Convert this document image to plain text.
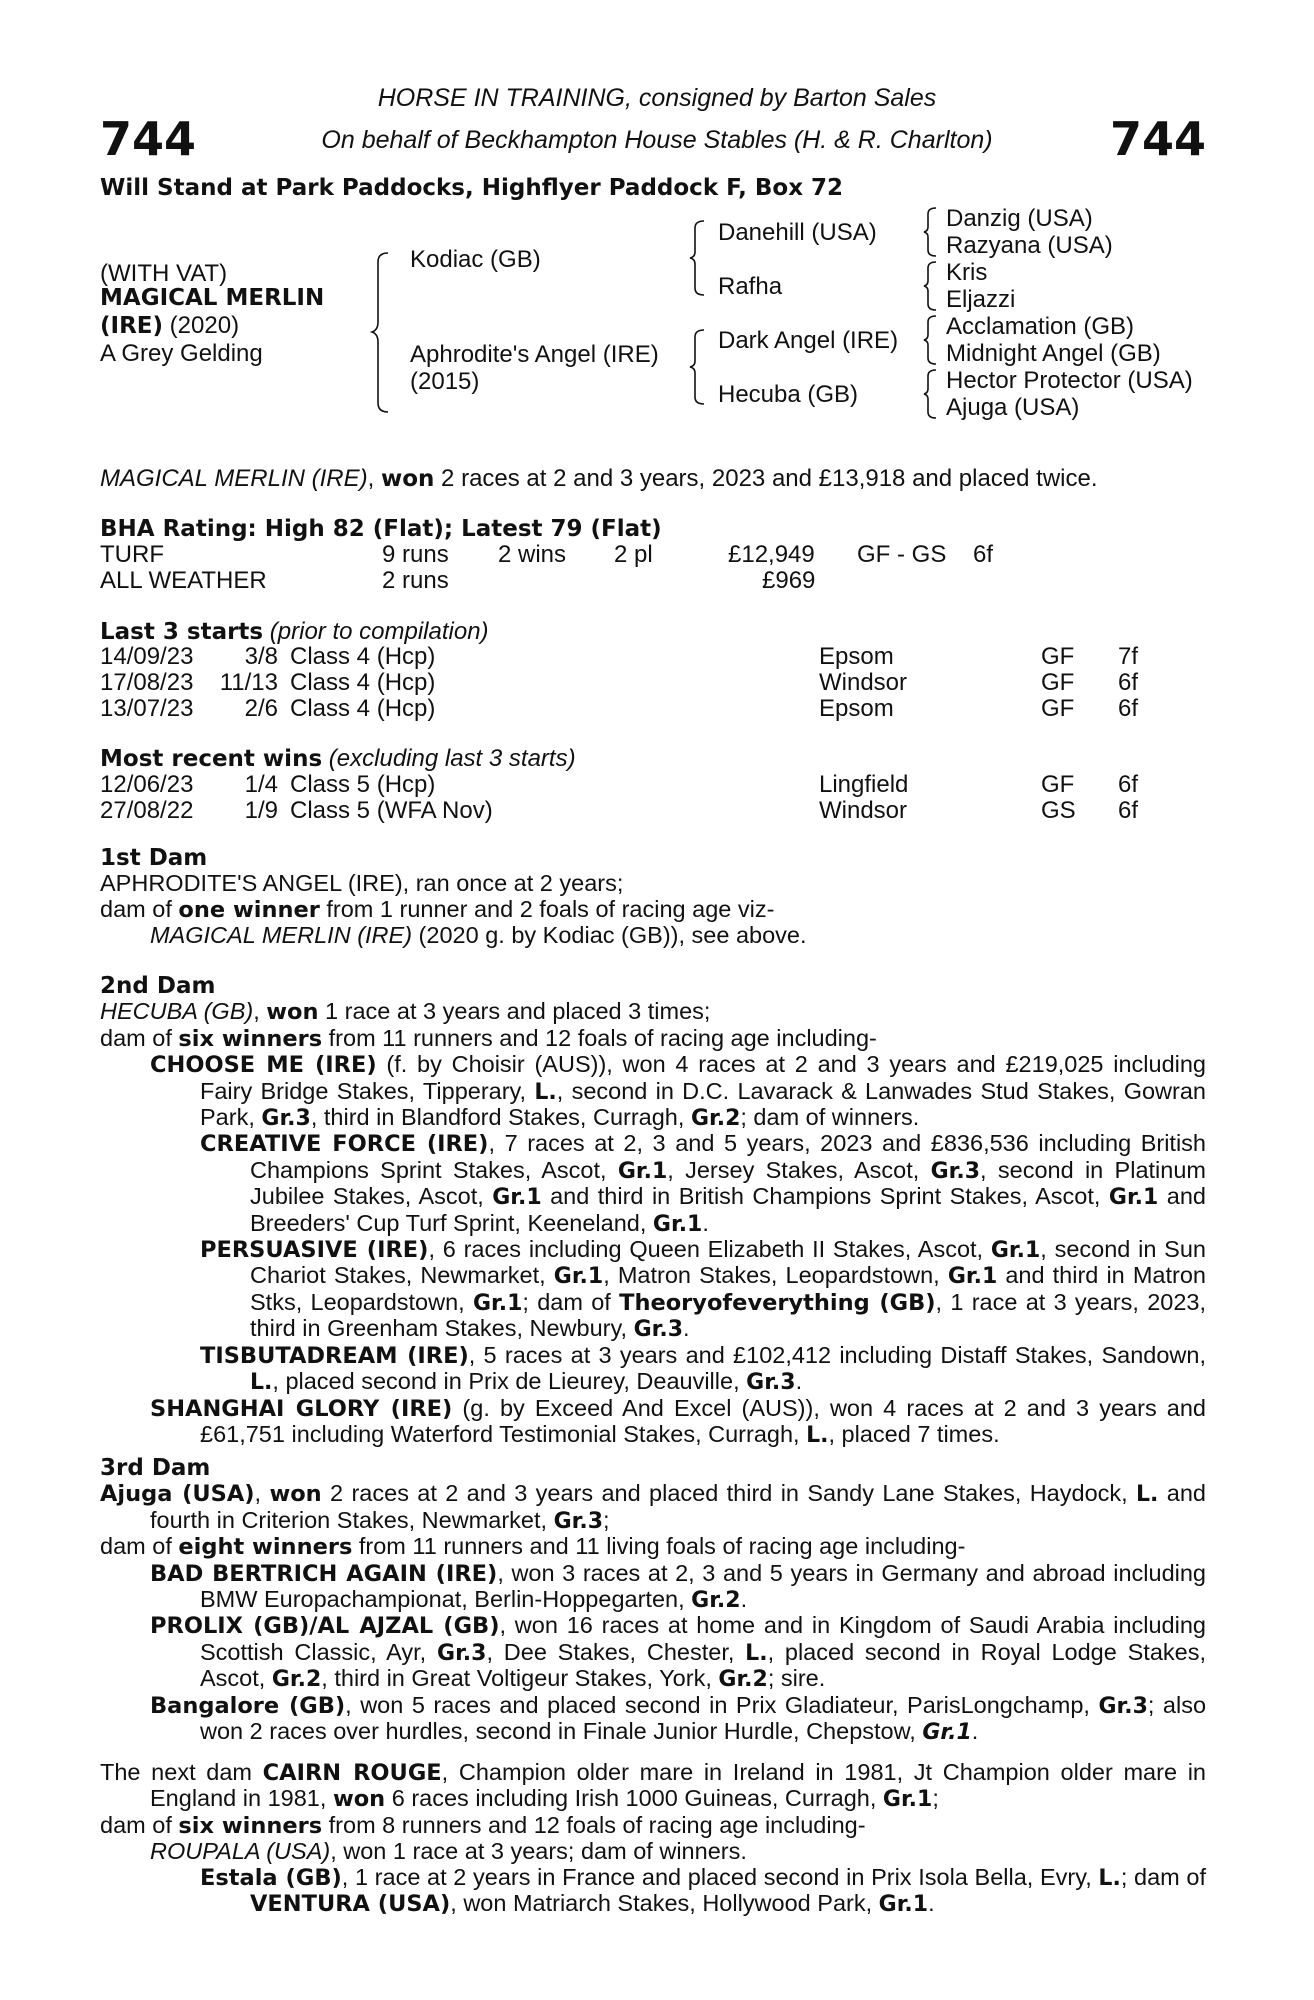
744	744
HORSE IN TRAINING, consigned by Barton Sales
On behalf of Beckhampton House Stables (H. & R. Charlton)
Will Stand at Park Paddocks, Highflyer Paddock F, Box 72
(WITH VAT)
MAGICAL MERLIN
(IRE) (2020)
A Grey Gelding
Kodiac (GB)
Aphrodite's Angel (IRE)
(2015)
Danehill (USA)
Rafha
Dark Angel (IRE)
Hecuba (GB)
Danzig (USA)
Razyana (USA)
Kris
Eljazzi
Acclamation (GB)
Midnight Angel (GB)
Hector Protector (USA)
Ajuga (USA)
MAGICAL MERLIN (IRE), won 2 races at 2 and 3 years, 2023 and £13,918 and placed twice.
BHA Rating: High 82 (Flat); Latest 79 (Flat)
TURF	9 runs 2 wins 2 pl	£12,949 GF - GS 6f
ALL WEATHER	2 runs	£969
Last 3 starts (prior to compilation)
14/09/23	3/8 Class 4 (Hcp)	Epsom	GF 7f
17/08/23	11/13 Class 4 (Hcp)	Windsor	GF 6f
13/07/23	2/6 Class 4 (Hcp)	Epsom	GF 6f
Most recent wins (excluding last 3 starts)
12/06/23	1/4 Class 5 (Hcp)	Lingfield	GF 6f
27/08/22	1/9 Class 5 (WFA Nov)	Windsor	GS 6f
1st Dam
APHRODITE'S ANGEL (IRE), ran once at 2 years;
dam of one winner from 1 runner and 2 foals of racing age viz-
MAGICAL MERLIN (IRE) (2020 g. by Kodiac (GB)), see above.
2nd Dam
HECUBA (GB), won 1 race at 3 years and placed 3 times;
dam of six winners from 11 runners and 12 foals of racing age including-
CHOOSE ME (IRE) (f. by Choisir (AUS)), won 4 races at 2 and 3 years and £219,025 including Fairy Bridge Stakes, Tipperary, L., second in D.C. Lavarack & Lanwades Stud Stakes, Gowran Park, Gr.3, third in Blandford Stakes, Curragh, Gr.2; dam of winners.
CREATIVE FORCE (IRE), 7 races at 2, 3 and 5 years, 2023 and £836,536 including British Champions Sprint Stakes, Ascot, Gr.1, Jersey Stakes, Ascot, Gr.3, second in Platinum Jubilee Stakes, Ascot, Gr.1 and third in British Champions Sprint Stakes, Ascot, Gr.1 and Breeders' Cup Turf Sprint, Keeneland, Gr.1.
PERSUASIVE (IRE), 6 races including Queen Elizabeth II Stakes, Ascot, Gr.1, second in Sun Chariot Stakes, Newmarket, Gr.1, Matron Stakes, Leopardstown, Gr.1 and third in Matron Stks, Leopardstown, Gr.1; dam of Theoryofeverything (GB), 1 race at 3 years, 2023, third in Greenham Stakes, Newbury, Gr.3.
TISBUTADREAM (IRE), 5 races at 3 years and £102,412 including Distaff Stakes, Sandown, L., placed second in Prix de Lieurey, Deauville, Gr.3.
SHANGHAI GLORY (IRE) (g. by Exceed And Excel (AUS)), won 4 races at 2 and 3 years and £61,751 including Waterford Testimonial Stakes, Curragh, L., placed 7 times.
3rd Dam
Ajuga (USA), won 2 races at 2 and 3 years and placed third in Sandy Lane Stakes, Haydock, L. and fourth in Criterion Stakes, Newmarket, Gr.3;
dam of eight winners from 11 runners and 11 living foals of racing age including-
BAD BERTRICH AGAIN (IRE), won 3 races at 2, 3 and 5 years in Germany and abroad including BMW Europachampionat, Berlin-Hoppegarten, Gr.2.
PROLIX (GB)/AL AJZAL (GB), won 16 races at home and in Kingdom of Saudi Arabia including Scottish Classic, Ayr, Gr.3, Dee Stakes, Chester, L., placed second in Royal Lodge Stakes, Ascot, Gr.2, third in Great Voltigeur Stakes, York, Gr.2; sire.
Bangalore (GB), won 5 races and placed second in Prix Gladiateur, ParisLongchamp, Gr.3; also won 2 races over hurdles, second in Finale Junior Hurdle, Chepstow, Gr.1.
The next dam CAIRN ROUGE, Champion older mare in Ireland in 1981, Jt Champion older mare in England in 1981, won 6 races including Irish 1000 Guineas, Curragh, Gr.1;
dam of six winners from 8 runners and 12 foals of racing age including-
ROUPALA (USA), won 1 race at 3 years; dam of winners.
Estala (GB), 1 race at 2 years in France and placed second in Prix Isola Bella, Evry, L.; dam of VENTURA (USA), won Matriarch Stakes, Hollywood Park, Gr.1.
